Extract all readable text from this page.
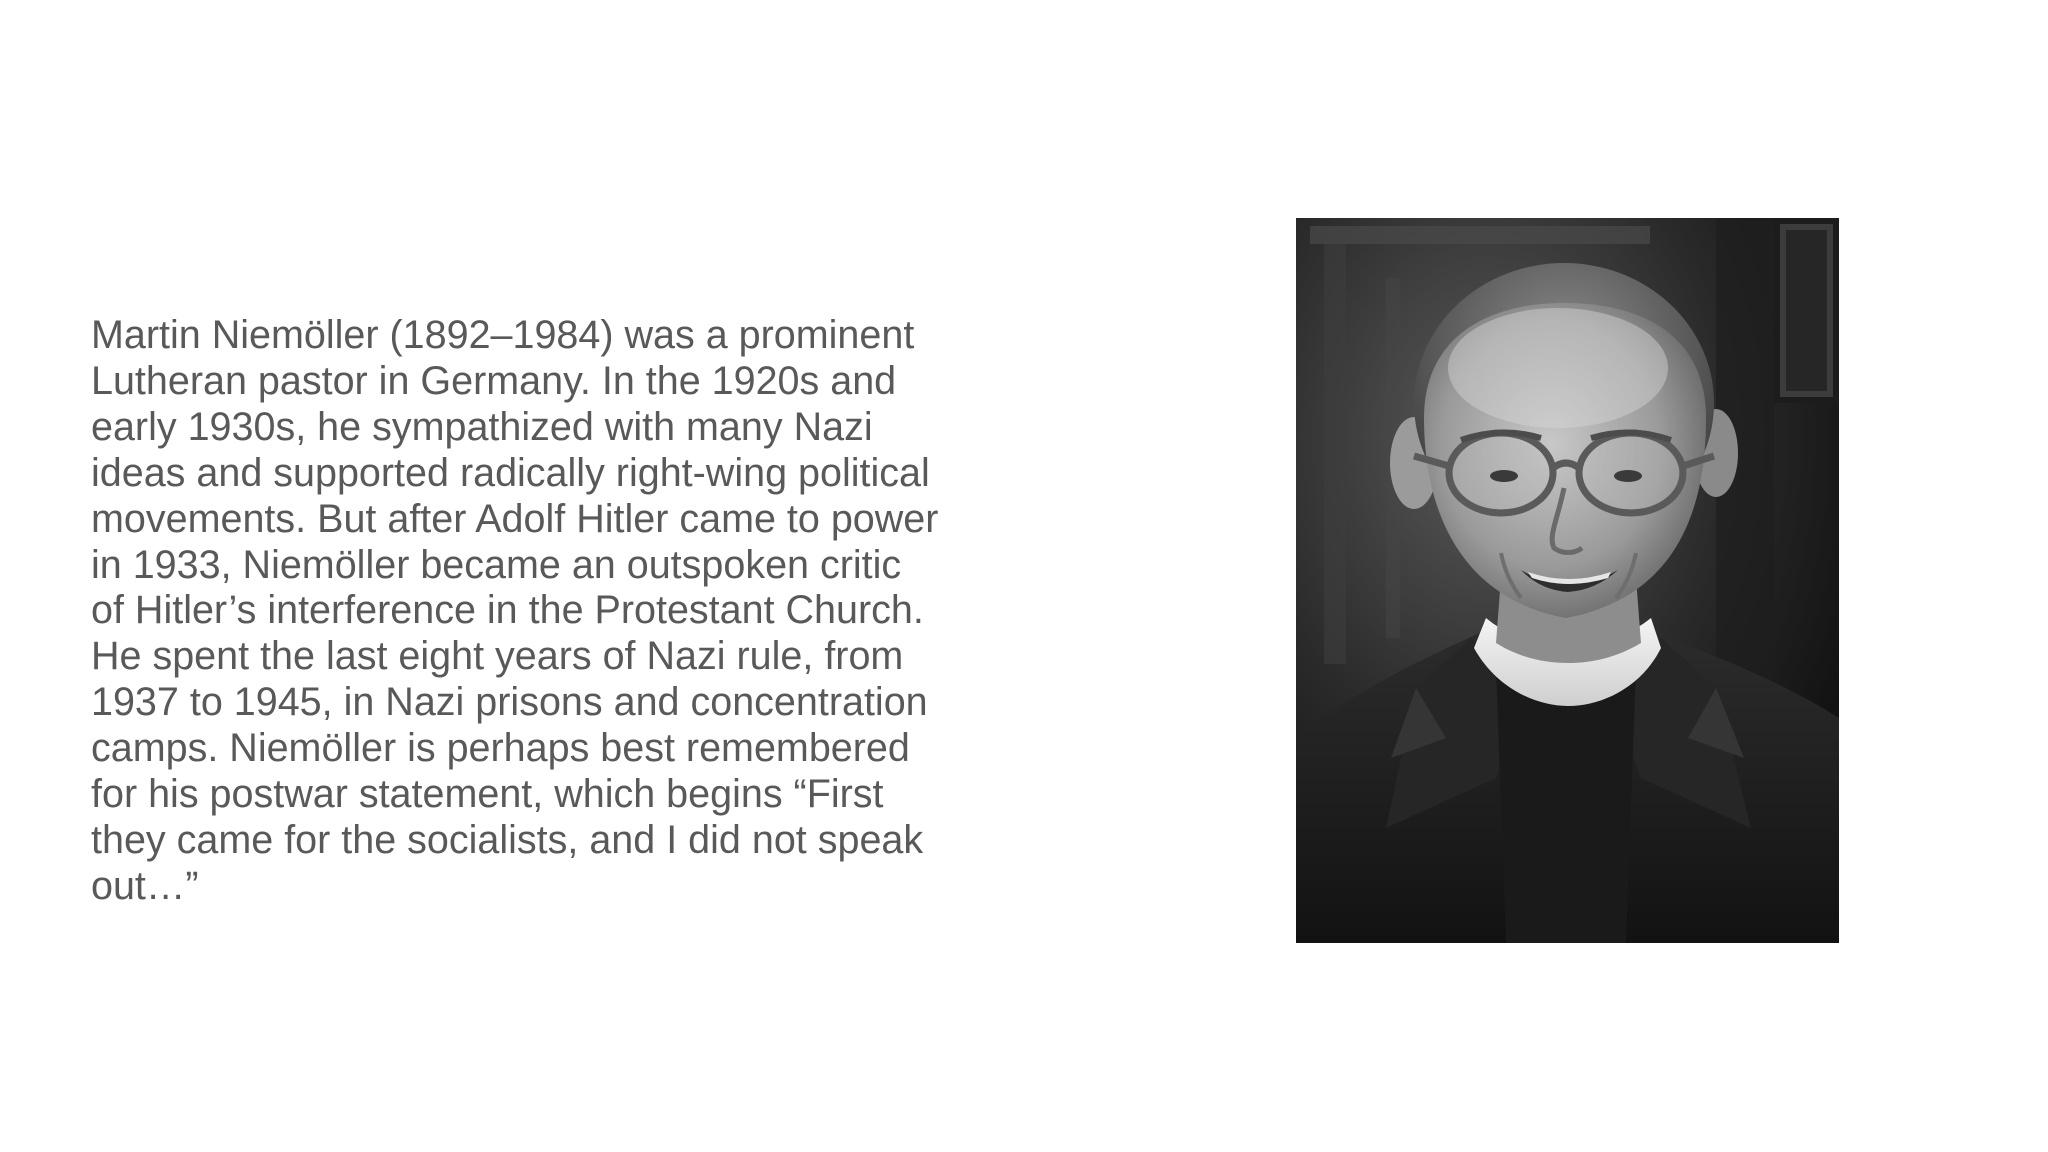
Martin Niemöller (1892–1984) was a prominent
Lutheran pastor in Germany. In the 1920s and
early 1930s, he sympathized with many Nazi
ideas and supported radically right-wing political
movements. But after Adolf Hitler came to power
in 1933, Niemöller became an outspoken critic
of Hitler’s interference in the Protestant Church.
He spent the last eight years of Nazi rule, from
1937 to 1945, in Nazi prisons and concentration
camps. Niemöller is perhaps best remembered
for his postwar statement, which begins “First
they came for the socialists, and I did not speak
out…”
